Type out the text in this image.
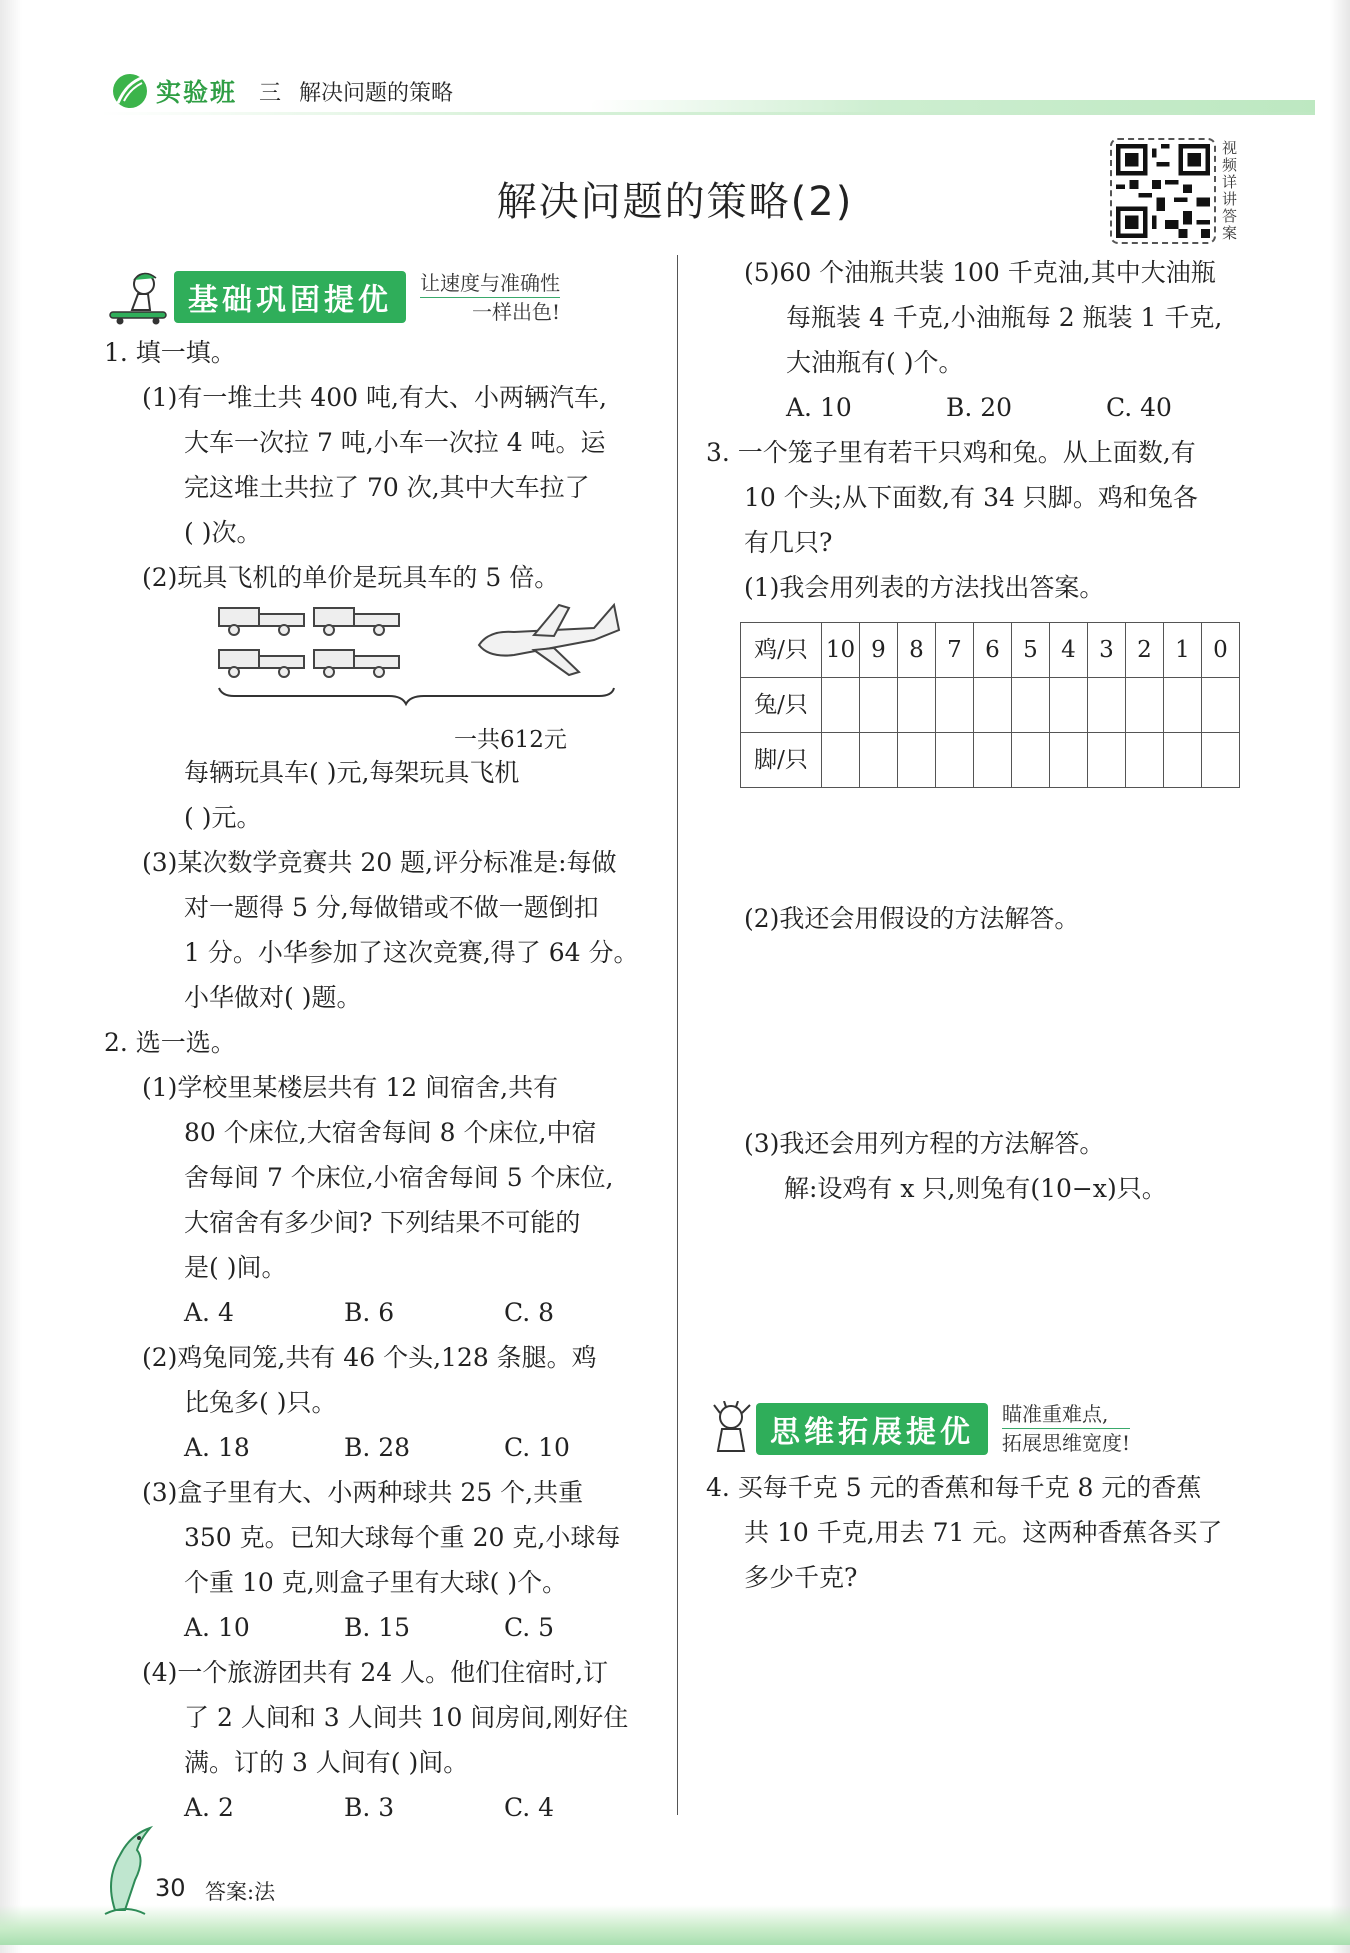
实验班 三 解决问题的策略
解决问题的策略(2)
视频详讲答案
基础巩固提优
让速度与准确性
一样出色!

1. 填一填。

(1)有一堆土共 400 吨,有大、小两辆汽车,

大车一次拉 7 吨,小车一次拉 4 吨。运

完这堆土共拉了 70 次,其中大车拉了

( )次。

(2)玩具飞机的单价是玩具车的 5 倍。

一共612元

每辆玩具车( )元,每架玩具飞机

( )元。

(3)某次数学竞赛共 20 题,评分标准是:每做

对一题得 5 分,每做错或不做一题倒扣

1 分。小华参加了这次竞赛,得了 64 分。

小华做对( )题。

2. 选一选。

(1)学校里某楼层共有 12 间宿舍,共有

80 个床位,大宿舍每间 8 个床位,中宿

舍每间 7 个床位,小宿舍每间 5 个床位,

大宿舍有多少间? 下列结果不可能的

是( )间。

A. 4	B. 6	C. 8

(2)鸡兔同笼,共有 46 个头,128 条腿。鸡

比兔多( )只。

A. 18	B. 28	C. 10

(3)盒子里有大、小两种球共 25 个,共重

350 克。已知大球每个重 20 克,小球每

个重 10 克,则盒子里有大球( )个。

A. 10	B. 15	C. 5

(4)一个旅游团共有 24 人。他们住宿时,订

了 2 人间和 3 人间共 10 间房间,刚好住

满。订的 3 人间有( )间。

A. 2	B. 3	C. 4

(5)60 个油瓶共装 100 千克油,其中大油瓶

每瓶装 4 千克,小油瓶每 2 瓶装 1 千克,

大油瓶有( )个。

A. 10	B. 20	C. 40

3. 一个笼子里有若干只鸡和兔。从上面数,有

10 个头;从下面数,有 34 只脚。鸡和兔各

有几只?

(1)我会用列表的方法找出答案。

鸡/只	10	9	8	7	6	5	4	3	2	1	0
兔/只											
脚/只											

(2)我还会用假设的方法解答。

(3)我还会用列方程的方法解答。

解:设鸡有 x 只,则兔有(10−x)只。

思维拓展提优
瞄准重难点,
拓展思维宽度!

4. 买每千克 5 元的香蕉和每千克 8 元的香蕉

共 10 千克,用去 71 元。这两种香蕉各买了

多少千克?

30 答案:法
